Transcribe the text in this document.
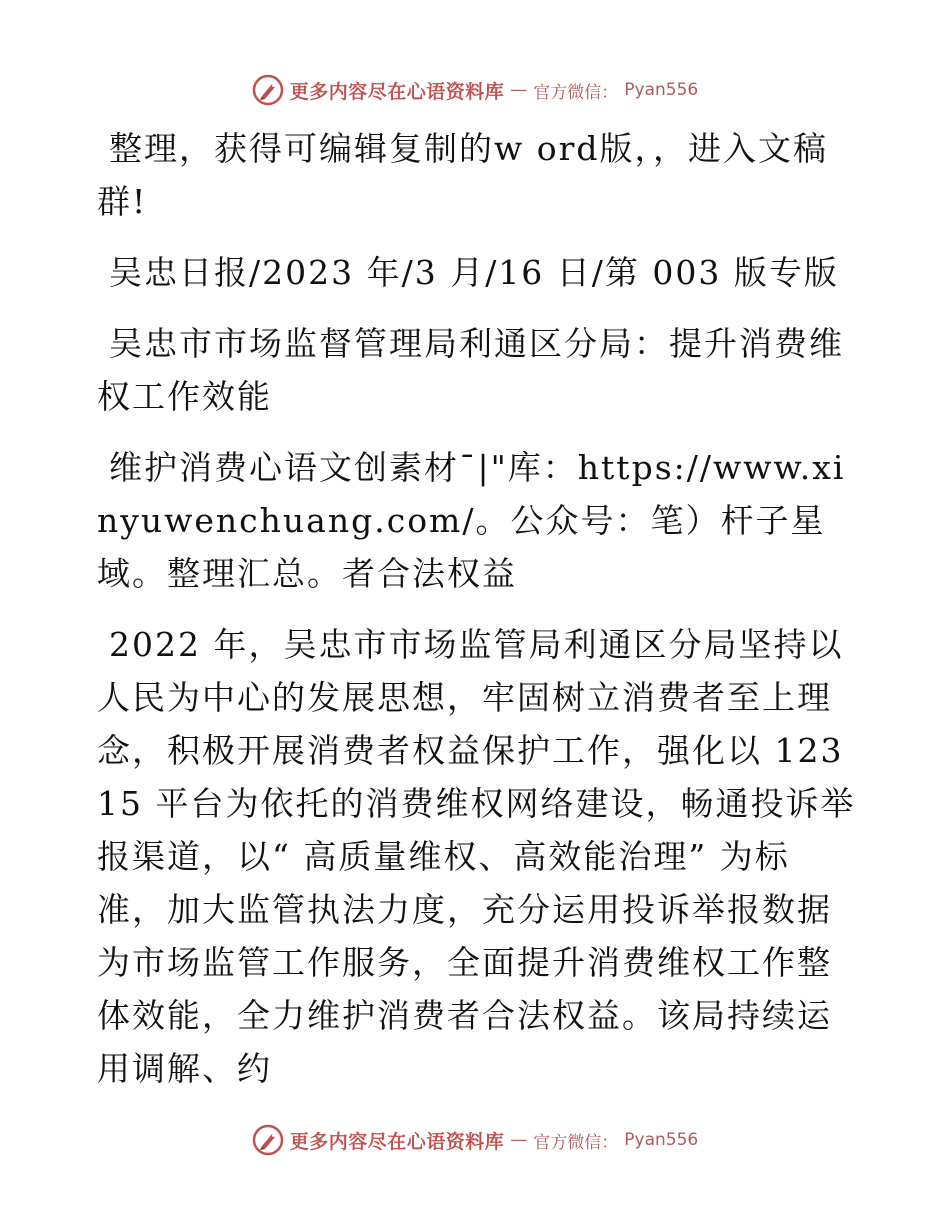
更多内容尽在心语资料库 — 官方微信： Pyan556

整理，获得可编辑复制的w ord版，，进入文稿群!

吴忠日报/2023 年/3 月/16 日/第 003 版专版

吴忠市市场监督管理局利通区分局：提升消费维权工作效能

维护消费心语文创素材¯|"库：https://www.xinyuwenchuang.com/。公众号：笔）杆子星域。整理汇总。者合法权益

2022 年，吴忠市市场监管局利通区分局坚持以人民为中心的发展思想，牢固树立消费者至上理念，积极开展消费者权益保护工作，强化以 12315 平台为依托的消费维权网络建设，畅通投诉举报渠道，以“ 高质量维权、高效能治理” 为标准，加大监管执法力度，充分运用投诉举报数据为市场监管工作服务，全面提升消费维权工作整体效能，全力维护消费者合法权益。该局持续运用调解、约

更多内容尽在心语资料库 — 官方微信： Pyan556
